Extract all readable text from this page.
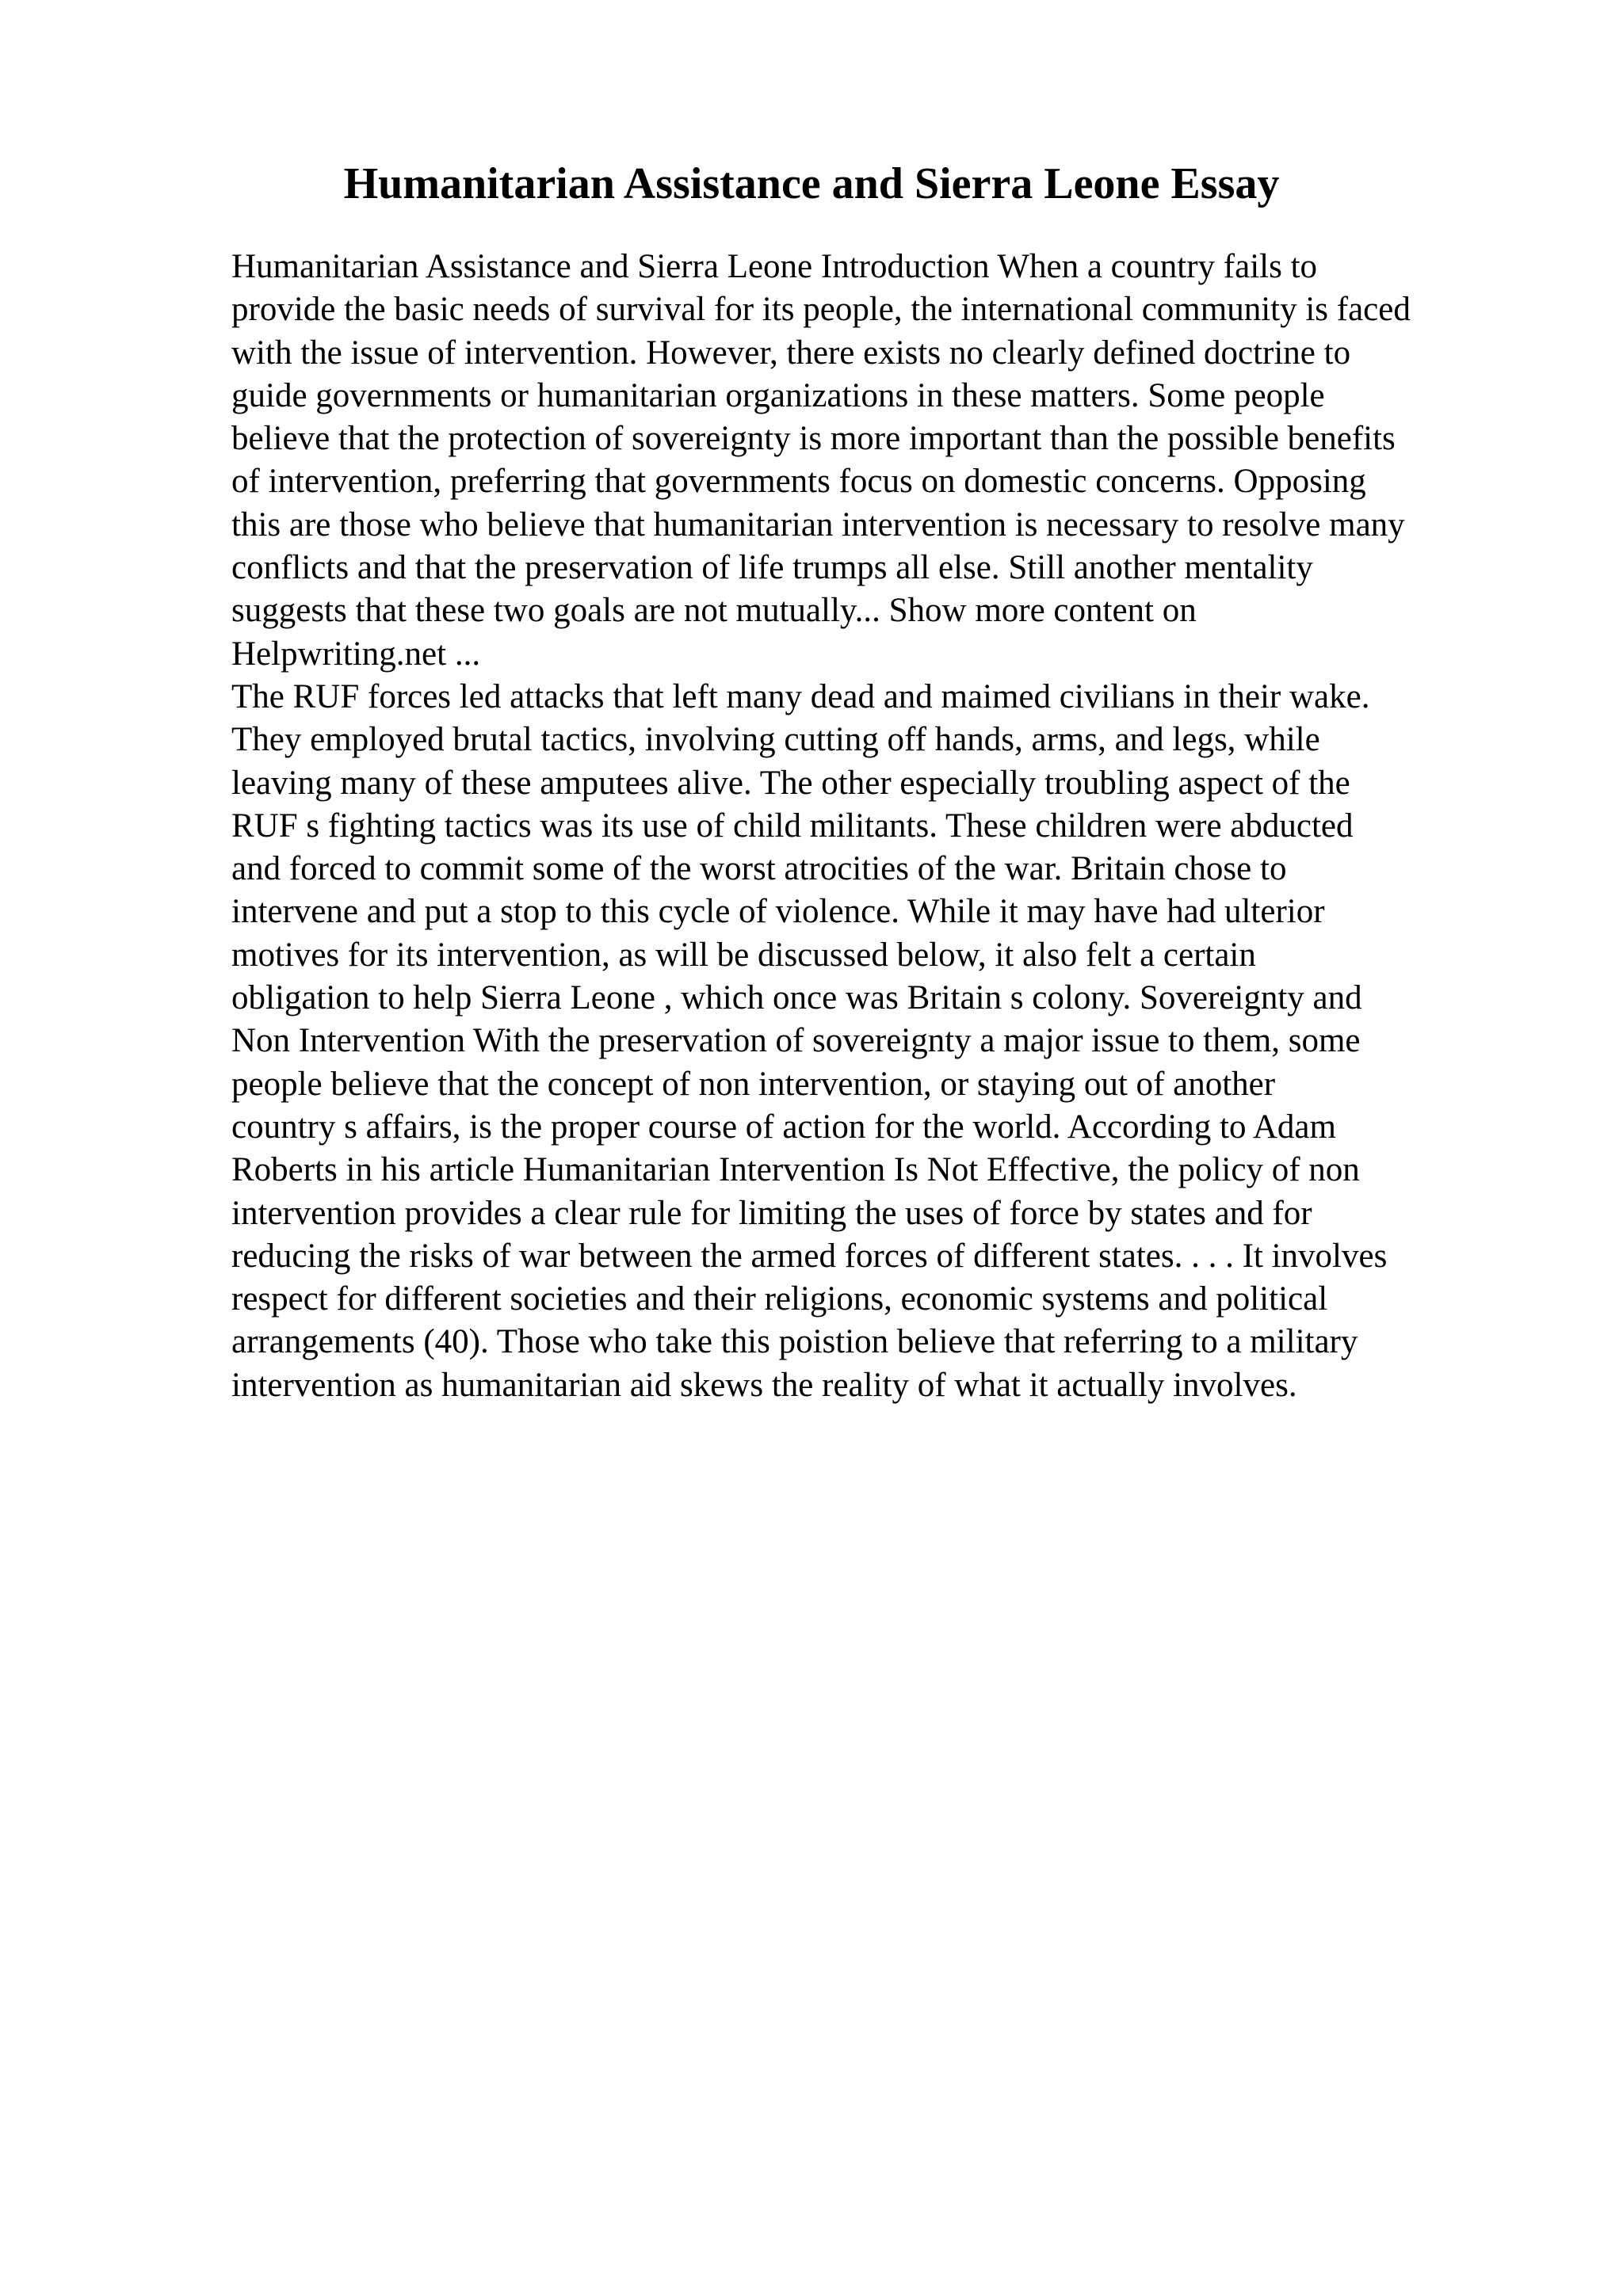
Humanitarian Assistance and Sierra Leone Essay
Humanitarian Assistance and Sierra Leone Introduction When a country fails to
provide the basic needs of survival for its people, the international community is faced
with the issue of intervention. However, there exists no clearly defined doctrine to
guide governments or humanitarian organizations in these matters. Some people
believe that the protection of sovereignty is more important than the possible benefits
of intervention, preferring that governments focus on domestic concerns. Opposing
this are those who believe that humanitarian intervention is necessary to resolve many
conflicts and that the preservation of life trumps all else. Still another mentality
suggests that these two goals are not mutually... Show more content on
Helpwriting.net ...
The RUF forces led attacks that left many dead and maimed civilians in their wake.
They employed brutal tactics, involving cutting off hands, arms, and legs, while
leaving many of these amputees alive. The other especially troubling aspect of the
RUF s fighting tactics was its use of child militants. These children were abducted
and forced to commit some of the worst atrocities of the war. Britain chose to
intervene and put a stop to this cycle of violence. While it may have had ulterior
motives for its intervention, as will be discussed below, it also felt a certain
obligation to help Sierra Leone , which once was Britain s colony. Sovereignty and
Non Intervention With the preservation of sovereignty a major issue to them, some
people believe that the concept of non intervention, or staying out of another
country s affairs, is the proper course of action for the world. According to Adam
Roberts in his article Humanitarian Intervention Is Not Effective, the policy of non
intervention provides a clear rule for limiting the uses of force by states and for
reducing the risks of war between the armed forces of different states. . . . It involves
respect for different societies and their religions, economic systems and political
arrangements (40). Those who take this poistion believe that referring to a military
intervention as humanitarian aid skews the reality of what it actually involves.
